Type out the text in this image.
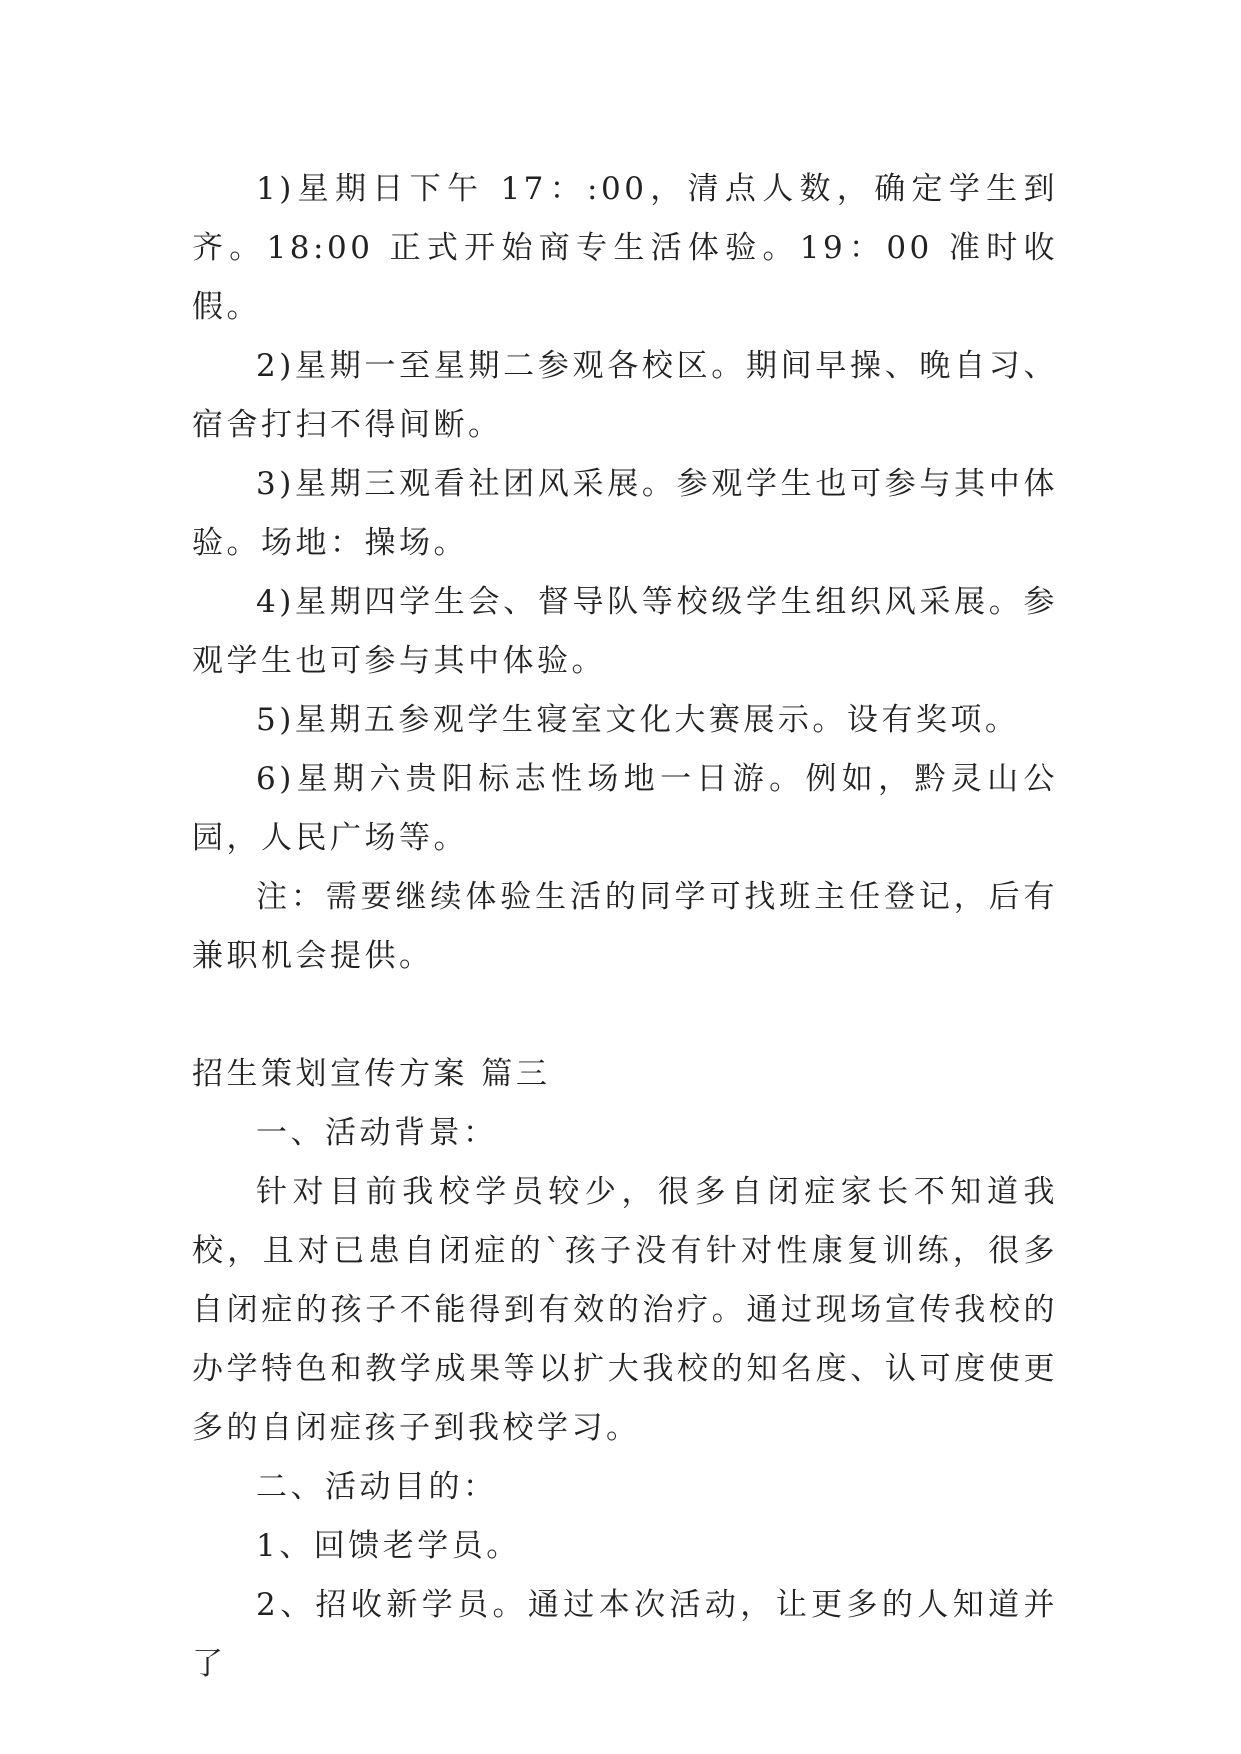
1)星期日下午 17：:00，清点人数，确定学生到齐。18:00 正式开始商专生活体验。19：00 准时收假。

2)星期一至星期二参观各校区。期间早操、晚自习、宿舍打扫不得间断。

3)星期三观看社团风采展。参观学生也可参与其中体验。场地：操场。

4)星期四学生会、督导队等校级学生组织风采展。参观学生也可参与其中体验。

5)星期五参观学生寝室文化大赛展示。设有奖项。

6)星期六贵阳标志性场地一日游。例如，黔灵山公园，人民广场等。

注：需要继续体验生活的同学可找班主任登记，后有兼职机会提供。

招生策划宣传方案 篇三

一、活动背景：

针对目前我校学员较少，很多自闭症家长不知道我校，且对已患自闭症的`孩子没有针对性康复训练，很多自闭症的孩子不能得到有效的治疗。通过现场宣传我校的办学特色和教学成果等以扩大我校的知名度、认可度使更多的自闭症孩子到我校学习。

二、活动目的：

1、回馈老学员。

2、招收新学员。通过本次活动，让更多的人知道并了
